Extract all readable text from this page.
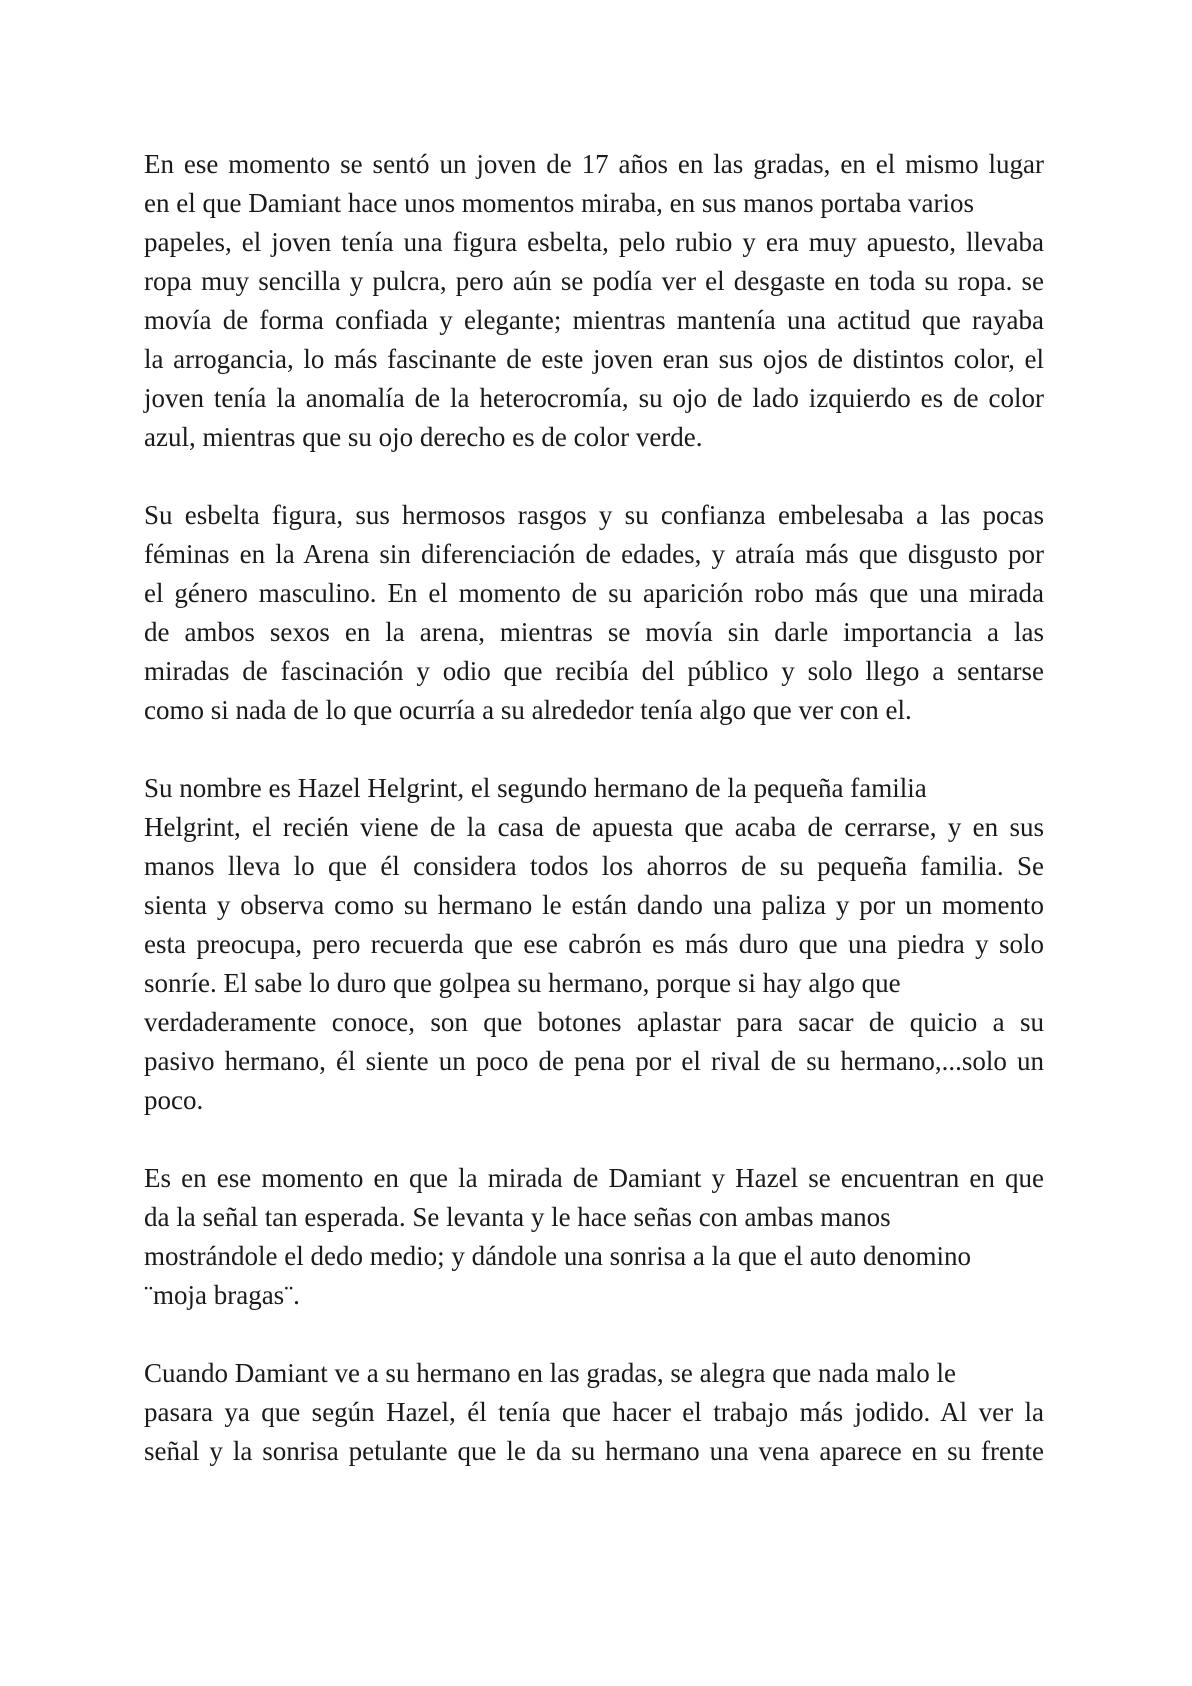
En ese momento se sentó un joven de 17 años en las gradas, en el mismo lugar
en el que Damiant hace unos momentos miraba, en sus manos portaba varios
papeles, el joven tenía una figura esbelta, pelo rubio y era muy apuesto, llevaba
ropa muy sencilla y pulcra, pero aún se podía ver el desgaste en toda su ropa. se
movía de forma confiada y elegante; mientras mantenía una actitud que rayaba
la arrogancia, lo más fascinante de este joven eran sus ojos de distintos color, el
joven tenía la anomalía de la heterocromía, su ojo de lado izquierdo es de color
azul, mientras que su ojo derecho es de color verde.
Su esbelta figura, sus hermosos rasgos y su confianza embelesaba a las pocas
féminas en la Arena sin diferenciación de edades, y atraía más que disgusto por
el género masculino. En el momento de su aparición robo más que una mirada
de ambos sexos en la arena, mientras se movía sin darle importancia a las
miradas de fascinación y odio que recibía del público y solo llego a sentarse
como si nada de lo que ocurría a su alrededor tenía algo que ver con el.
Su nombre es Hazel Helgrint, el segundo hermano de la pequeña familia
Helgrint, el recién viene de la casa de apuesta que acaba de cerrarse, y en sus
manos lleva lo que él considera todos los ahorros de su pequeña familia. Se
sienta y observa como su hermano le están dando una paliza y por un momento
esta preocupa, pero recuerda que ese cabrón es más duro que una piedra y solo
sonríe. El sabe lo duro que golpea su hermano, porque si hay algo que
verdaderamente conoce, son que botones aplastar para sacar de quicio a su
pasivo hermano, él siente un poco de pena por el rival de su hermano,...solo un
poco.
Es en ese momento en que la mirada de Damiant y Hazel se encuentran en que
da la señal tan esperada. Se levanta y le hace señas con ambas manos
mostrándole el dedo medio; y dándole una sonrisa a la que el auto denomino
¨moja bragas¨.
Cuando Damiant ve a su hermano en las gradas, se alegra que nada malo le
pasara ya que según Hazel, él tenía que hacer el trabajo más jodido. Al ver la
señal y la sonrisa petulante que le da su hermano una vena aparece en su frente
